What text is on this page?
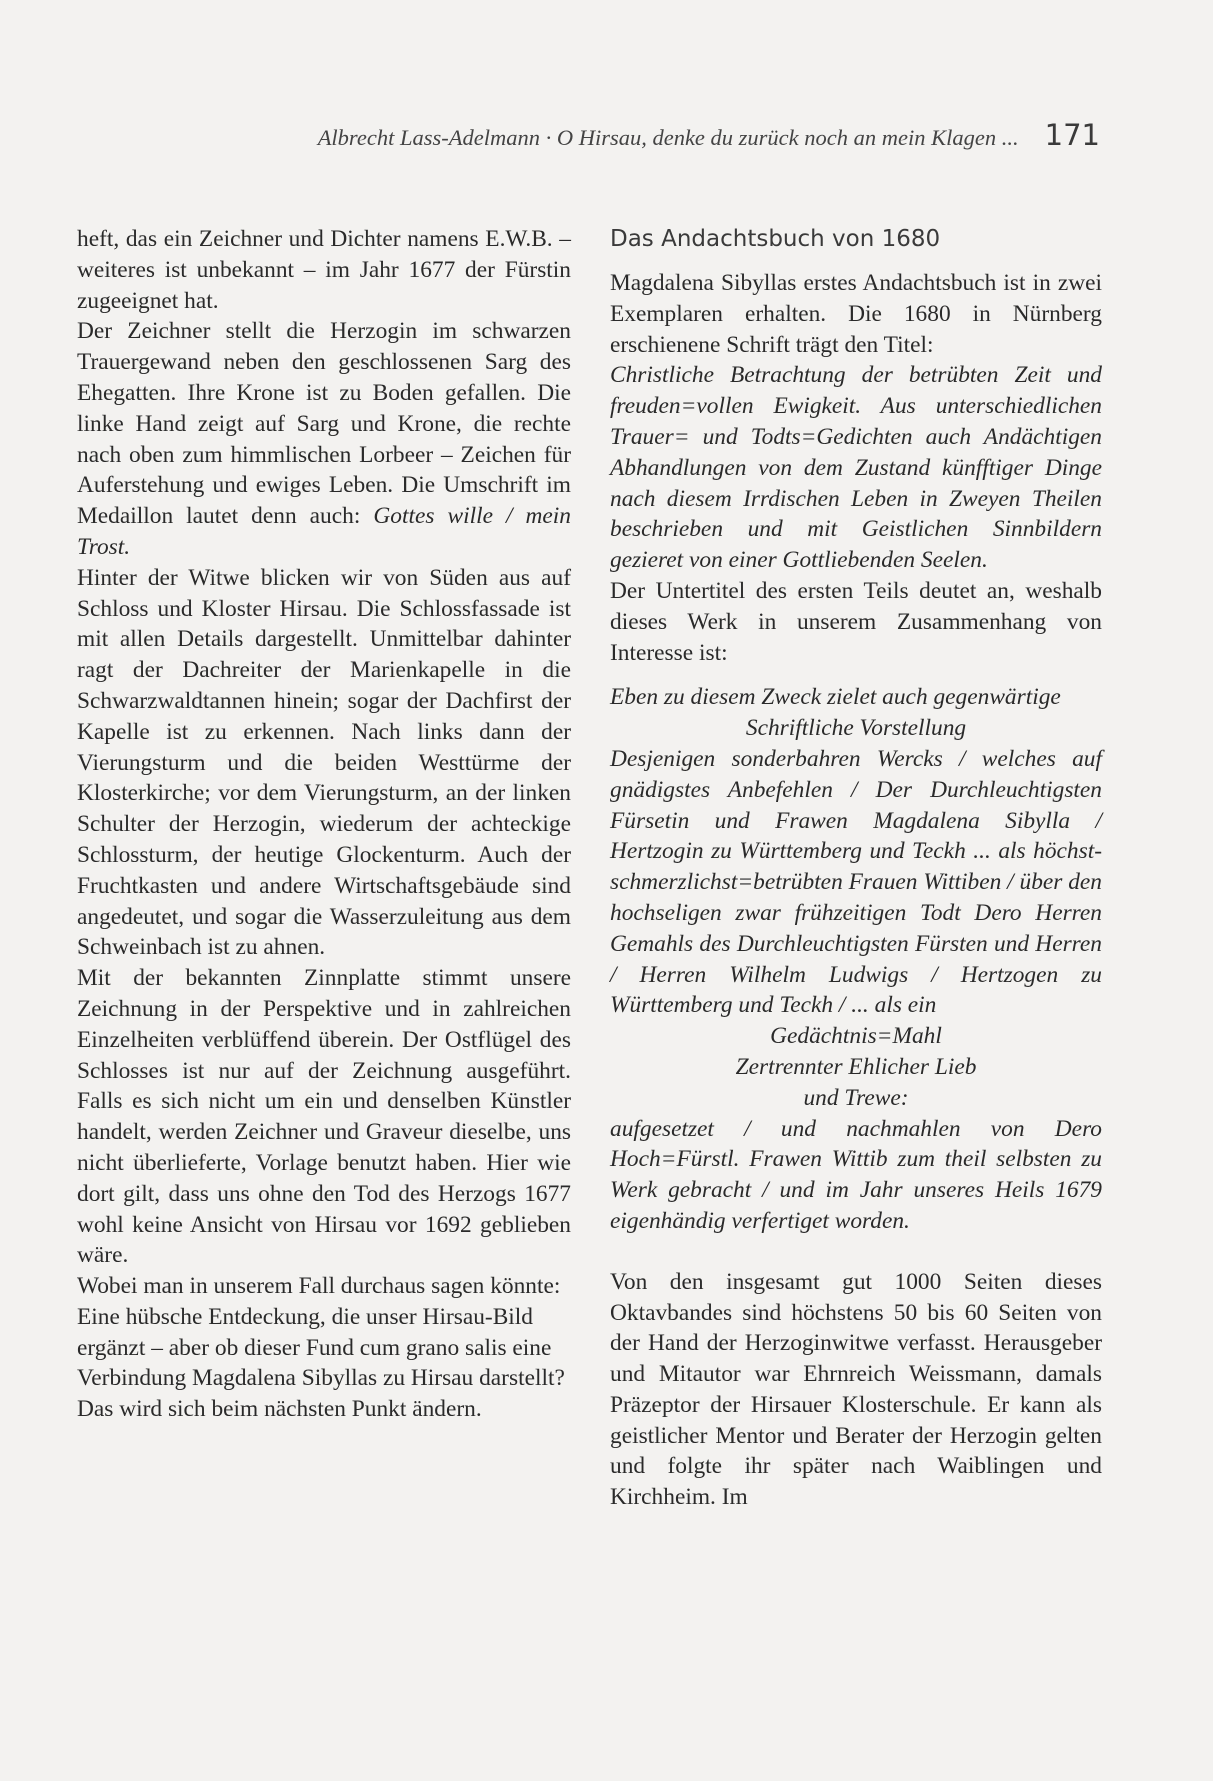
Albrecht Lass-Adelmann · O Hirsau, denke du zurück noch an mein Klagen ... 171

heft, das ein Zeichner und Dichter namens E.W.B. – weiteres ist unbekannt – im Jahr 1677 der Fürstin zugeeignet hat.

Der Zeichner stellt die Herzogin im schwarzen Trauergewand neben den geschlossenen Sarg des Ehegatten. Ihre Krone ist zu Boden gefallen. Die linke Hand zeigt auf Sarg und Krone, die rechte nach oben zum himmlischen Lorbeer – Zeichen für Auferstehung und ewiges Leben. Die Umschrift im Medaillon lautet denn auch: Gottes wille / mein Trost.

Hinter der Witwe blicken wir von Süden aus auf Schloss und Kloster Hirsau. Die Schlossfassade ist mit allen Details dargestellt. Unmittelbar dahinter ragt der Dachreiter der Marienkapelle in die Schwarzwaldtannen hinein; sogar der Dachfirst der Kapelle ist zu erkennen. Nach links dann der Vierungsturm und die beiden Westtürme der Klosterkirche; vor dem Vierungsturm, an der linken Schulter der Herzogin, wiederum der achteckige Schlossturm, der heutige Glockenturm. Auch der Fruchtkasten und andere Wirtschaftsgebäude sind angedeutet, und sogar die Wasserzuleitung aus dem Schweinbach ist zu ahnen.

Mit der bekannten Zinnplatte stimmt unsere Zeichnung in der Perspektive und in zahlreichen Einzelheiten verblüffend überein. Der Ostflügel des Schlosses ist nur auf der Zeichnung ausgeführt. Falls es sich nicht um ein und denselben Künstler handelt, werden Zeichner und Graveur dieselbe, uns nicht überlieferte, Vorlage benutzt haben. Hier wie dort gilt, dass uns ohne den Tod des Herzogs 1677 wohl keine Ansicht von Hirsau vor 1692 geblieben wäre.

Wobei man in unserem Fall durchaus sagen könnte: Eine hübsche Entdeckung, die unser Hirsau-Bild ergänzt – aber ob dieser Fund cum grano salis eine Verbindung Magdalena Sibyllas zu Hirsau darstellt? Das wird sich beim nächsten Punkt ändern.

Das Andachtsbuch von 1680

Magdalena Sibyllas erstes Andachtsbuch ist in zwei Exemplaren erhalten. Die 1680 in Nürnberg erschienene Schrift trägt den Titel:

Christliche Betrachtung der betrübten Zeit und freuden=vollen Ewigkeit. Aus unterschiedlichen Trauer= und Todts=Gedichten auch Andächtigen Abhandlungen von dem Zustand künfftiger Dinge nach diesem Irrdischen Leben in Zweyen Theilen beschrieben und mit Geistlichen Sinnbildern gezieret von einer Gottliebenden Seelen.

Der Untertitel des ersten Teils deutet an, weshalb dieses Werk in unserem Zusammenhang von Interesse ist:

Eben zu diesem Zweck zielet auch gegenwärtige

Schriftliche Vorstellung

Desjenigen sonderbahren Wercks / welches auf gnädigstes Anbefehlen / Der Durchleuchtigsten Fürsetin und Frawen Magdalena Sibylla / Hertzogin zu Württemberg und Teckh ... als höchst-schmerzlichst=betrübten Frauen Wittiben / über den hochseligen zwar frühzeitigen Todt Dero Herren Gemahls des Durchleuchtigsten Fürsten und Herren / Herren Wilhelm Ludwigs / Hertzogen zu Württemberg und Teckh / ... als ein

Gedächtnis=Mahl

Zertrennter Ehlicher Lieb

und Trewe:

aufgesetzet / und nachmahlen von Dero Hoch=Fürstl. Frawen Wittib zum theil selbsten zu Werk gebracht / und im Jahr unseres Heils 1679 eigenhändig verfertiget worden.

Von den insgesamt gut 1000 Seiten dieses Oktavbandes sind höchstens 50 bis 60 Seiten von der Hand der Herzoginwitwe verfasst. Herausgeber und Mitautor war Ehrnreich Weissmann, damals Präzeptor der Hirsauer Klosterschule. Er kann als geistlicher Mentor und Berater der Herzogin gelten und folgte ihr später nach Waiblingen und Kirchheim. Im
